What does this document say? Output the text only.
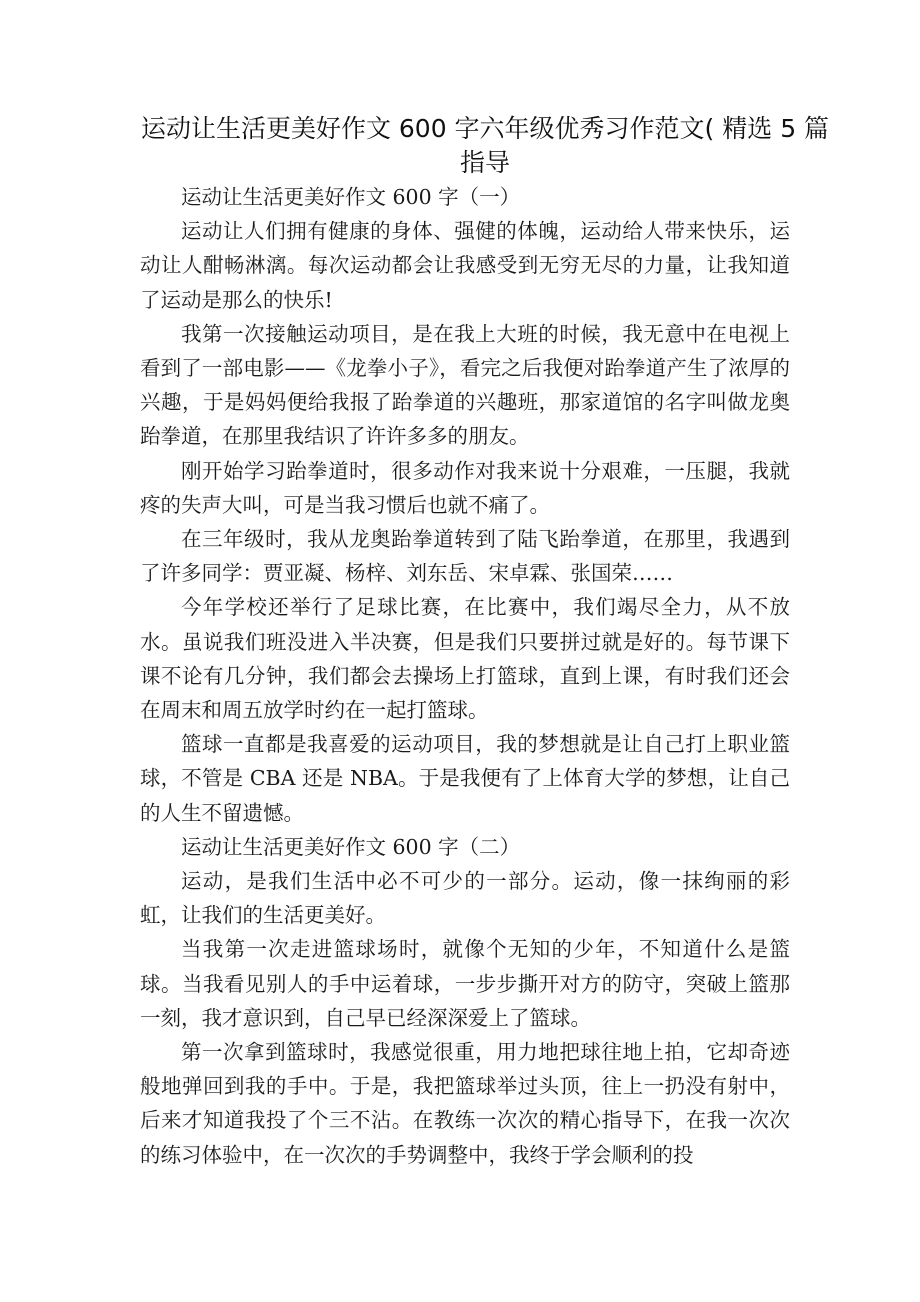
运动让生活更美好作文 600 字六年级优秀习作范文( 精选 5 篇指导

运动让生活更美好作文 600 字（一）

运动让人们拥有健康的身体、强健的体魄，运动给人带来快乐，运动让人酣畅淋漓。每次运动都会让我感受到无穷无尽的力量，让我知道了运动是那么的快乐!

我第一次接触运动项目，是在我上大班的时候，我无意中在电视上看到了一部电影——《龙拳小子》，看完之后我便对跆拳道产生了浓厚的兴趣，于是妈妈便给我报了跆拳道的兴趣班，那家道馆的名字叫做龙奥跆拳道，在那里我结识了许许多多的朋友。

刚开始学习跆拳道时，很多动作对我来说十分艰难，一压腿，我就疼的失声大叫，可是当我习惯后也就不痛了。

在三年级时，我从龙奥跆拳道转到了陆飞跆拳道，在那里，我遇到了许多同学：贾亚凝、杨梓、刘东岳、宋卓霖、张国荣……

今年学校还举行了足球比赛，在比赛中，我们竭尽全力，从不放水。虽说我们班没进入半决赛，但是我们只要拼过就是好的。每节课下课不论有几分钟，我们都会去操场上打篮球，直到上课，有时我们还会在周末和周五放学时约在一起打篮球。

篮球一直都是我喜爱的运动项目，我的梦想就是让自己打上职业篮球，不管是 CBA 还是 NBA。于是我便有了上体育大学的梦想，让自己的人生不留遗憾。

运动让生活更美好作文 600 字（二）

运动，是我们生活中必不可少的一部分。运动，像一抹绚丽的彩虹，让我们的生活更美好。

当我第一次走进篮球场时，就像个无知的少年，不知道什么是篮球。当我看见别人的手中运着球，一步步撕开对方的防守，突破上篮那一刻，我才意识到，自己早已经深深爱上了篮球。

第一次拿到篮球时，我感觉很重，用力地把球往地上拍，它却奇迹般地弹回到我的手中。于是，我把篮球举过头顶，往上一扔没有射中，后来才知道我投了个三不沾。在教练一次次的精心指导下，在我一次次的练习体验中，在一次次的手势调整中，我终于学会顺利的投
